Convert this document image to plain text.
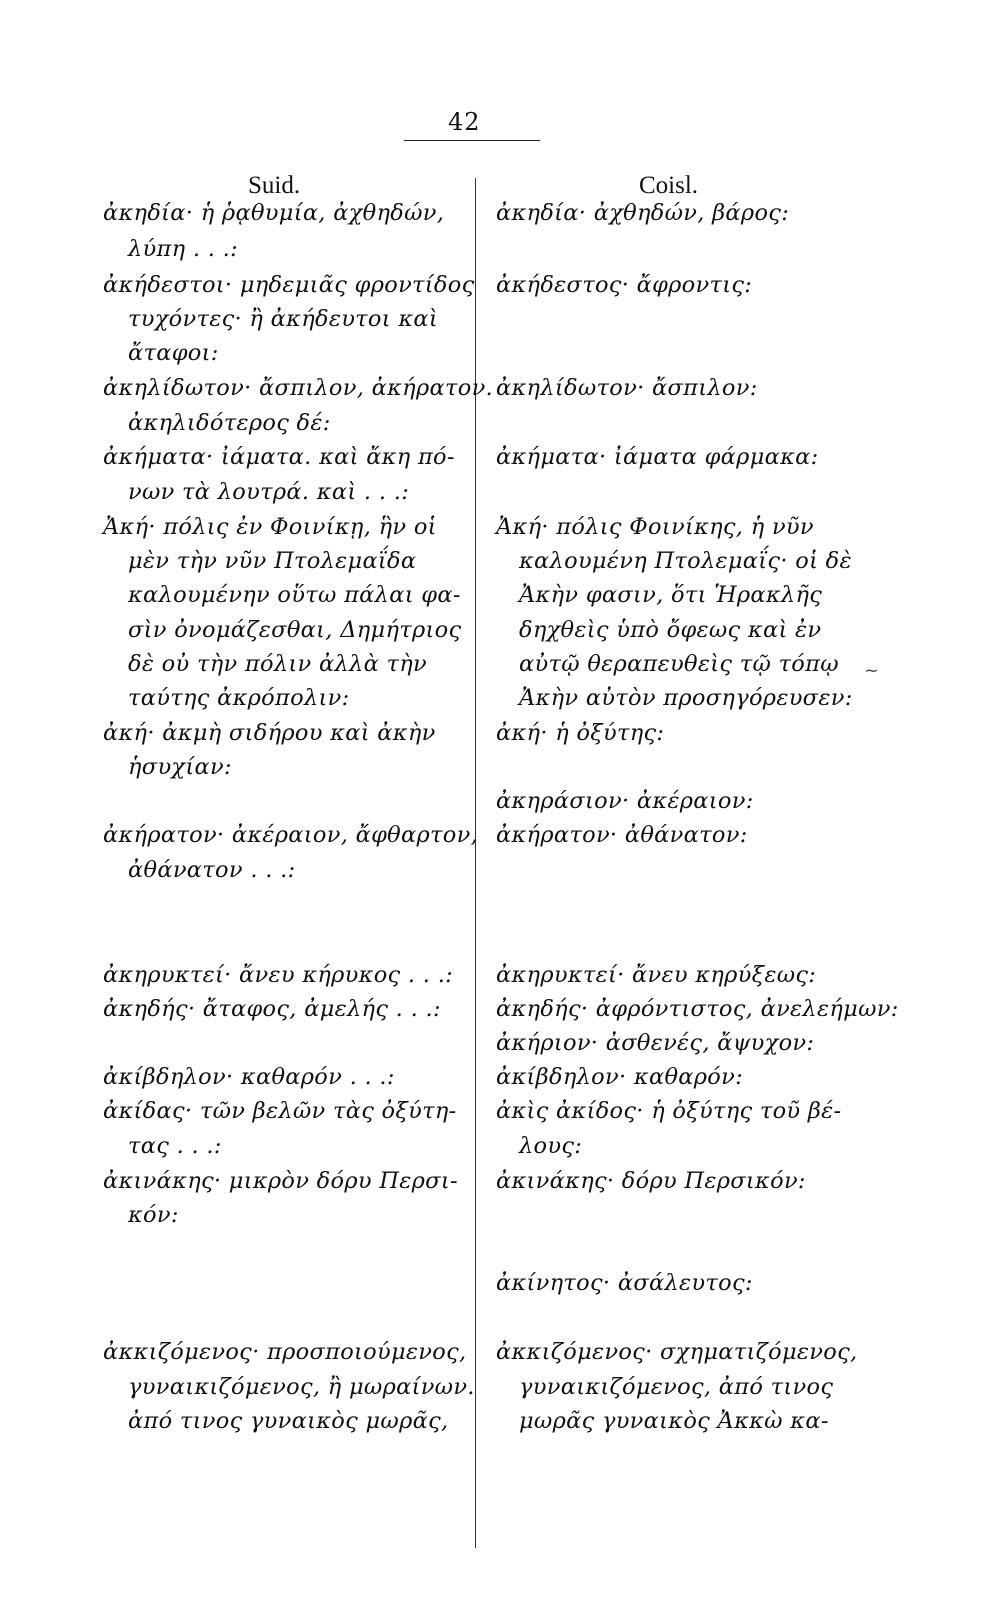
42
Suid.	Coisl.
ἀκηδία· ἡ ῥᾳθυμία, ἀχθηδών,
λύπη . . .:
ἀκήδεστοι· μηδεμιᾶς φροντίδος
τυχόντες· ἢ ἀκήδευτοι καὶ
ἄταφοι:
ἀκηλίδωτον· ἄσπιλον, ἀκήρατον.
ἀκηλιδότερος δέ:
ἀκήματα· ἰάματα. καὶ ἄκη πό-
νων τὰ λουτρά. καὶ . . .:
Ἀκή· πόλις ἐν Φοινίκῃ, ἣν οἱ
μὲν τὴν νῦν Πτολεμαΐδα
καλουμένην οὕτω πάλαι φα-
σὶν ὀνομάζεσθαι, Δημήτριος
δὲ οὐ τὴν πόλιν ἀλλὰ τὴν
ταύτης ἀκρόπολιν:
ἀκή· ἀκμὴ σιδήρου καὶ ἀκὴν
ἡσυχίαν:
ἀκήρατον· ἀκέραιον, ἄφθαρτον,
ἀθάνατον . . .:
ἀκηρυκτεί· ἄνευ κήρυκος . . .:
ἀκηδής· ἄταφος, ἀμελής . . .:
ἀκίβδηλον· καθαρόν . . .:
ἀκίδας· τῶν βελῶν τὰς ὀξύτη-
τας . . .:
ἀκινάκης· μικρὸν δόρυ Περσι-
κόν:
ἀκκιζόμενος· προσποιούμενος,
γυναικιζόμενος, ἢ μωραίνων.
ἀπό τινος γυναικὸς μωρᾶς,
ἀκηδία· ἀχθηδών, βάρος:
ἀκήδεστος· ἄφροντις:
ἀκηλίδωτον· ἄσπιλον:
ἀκήματα· ἰάματα φάρμακα:
Ἀκή· πόλις Φοινίκης, ἡ νῦν
καλουμένη Πτολεμαΐς· οἱ δὲ
Ἀκὴν φασιν, ὅτι Ἡρακλῆς
δηχθεὶς ὑπὸ ὄφεως καὶ ἐν
αὐτῷ θεραπευθεὶς τῷ τόπῳ
Ἀκὴν αὐτὸν προσηγόρευσεν:
ἀκή· ἡ ὀξύτης:
ἀκηράσιον· ἀκέραιον:
ἀκήρατον· ἀθάνατον:
ἀκηρυκτεί· ἄνευ κηρύξεως:
ἀκηδής· ἀφρόντιστος, ἀνελεήμων:
ἀκήριον· ἀσθενές, ἄψυχον:
ἀκίβδηλον· καθαρόν:
ἀκὶς ἀκίδος· ἡ ὀξύτης τοῦ βέ-
λους:
ἀκινάκης· δόρυ Περσικόν:
ἀκίνητος· ἀσάλευτος:
ἀκκιζόμενος· σχηματιζόμενος,
γυναικιζόμενος, ἀπό τινος
μωρᾶς γυναικὸς Ἀκκὼ κα-
~
